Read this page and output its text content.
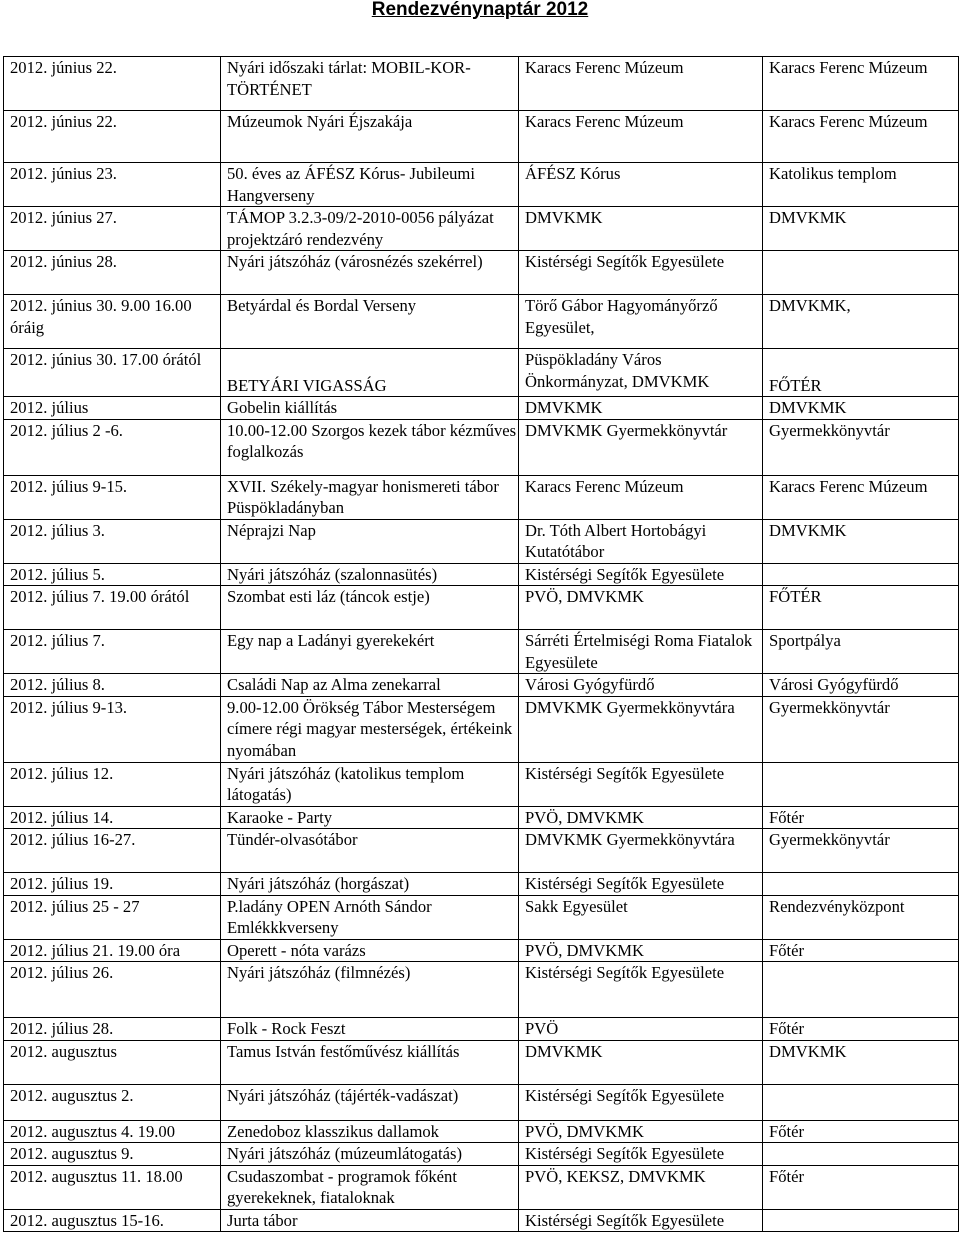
Rendezvénynaptár 2012
2012. június 22.	Nyári időszaki tárlat: MOBIL-KOR-TÖRTÉNET	Karacs Ferenc Múzeum	Karacs Ferenc Múzeum
2012. június 22.	Múzeumok Nyári Éjszakája	Karacs Ferenc Múzeum	Karacs Ferenc Múzeum
2012. június 23.	50. éves az ÁFÉSZ Kórus- Jubileumi Hangverseny	ÁFÉSZ Kórus	Katolikus templom
2012. június 27.	TÁMOP 3.2.3-09/2-2010-0056 pályázat projektzáró rendezvény	DMVKMK	DMVKMK
2012. június 28.	Nyári játszóház (városnézés szekérrel)	Kistérségi Segítők Egyesülete	
2012. június 30. 9.00 16.00 óráig	Betyárdal és Bordal Verseny	Törő Gábor Hagyományőrző Egyesület,	DMVKMK,
2012. június 30. 17.00 órától	BETYÁRI VIGASSÁG	Püspökladány Város Önkormányzat, DMVKMK	FŐTÉR
2012. július	Gobelin kiállítás	DMVKMK	DMVKMK
2012. július 2 -6.	10.00-12.00 Szorgos kezek tábor kézműves foglalkozás	DMVKMK Gyermekkönyvtár	Gyermekkönyvtár
2012. július 9-15.	XVII. Székely-magyar honismereti tábor Püspökladányban	Karacs Ferenc Múzeum	Karacs Ferenc Múzeum
2012. július 3.	Néprajzi Nap	Dr. Tóth Albert Hortobágyi Kutatótábor	DMVKMK
2012. július 5.	Nyári játszóház (szalonnasütés)	Kistérségi Segítők Egyesülete	
2012. július 7. 19.00 órától	Szombat esti láz (táncok estje)	PVÖ, DMVKMK	FŐTÉR
2012. július 7.	Egy nap a Ladányi gyerekekért	Sárréti Értelmiségi Roma Fiatalok Egyesülete	Sportpálya
2012. július 8.	Családi Nap az Alma zenekarral	Városi Gyógyfürdő	Városi Gyógyfürdő
2012. július 9-13.	9.00-12.00 Örökség Tábor Mesterségem címere régi magyar mesterségek, értékeink nyomában	DMVKMK Gyermekkönyvtára	Gyermekkönyvtár
2012. július 12.	Nyári játszóház (katolikus templom látogatás)	Kistérségi Segítők Egyesülete	
2012. július 14.	Karaoke - Party	PVÖ, DMVKMK	Főtér
2012. július 16-27.	Tündér-olvasótábor	DMVKMK Gyermekkönyvtára	Gyermekkönyvtár
2012. július 19.	Nyári játszóház (horgászat)	Kistérségi Segítők Egyesülete	
2012. július 25 - 27	P.ladány OPEN Arnóth Sándor Emlékkkverseny	Sakk Egyesület	Rendezvényközpont
2012. július 21. 19.00 óra	Operett - nóta varázs	PVÖ, DMVKMK	Főtér
2012. július 26.	Nyári játszóház (filmnézés)	Kistérségi Segítők Egyesülete	
2012. július 28.	Folk - Rock Feszt	PVÖ	Főtér
2012. augusztus	Tamus István festőművész kiállítás	DMVKMK	DMVKMK
2012. augusztus 2.	Nyári játszóház (tájérték-vadászat)	Kistérségi Segítők Egyesülete	
2012. augusztus 4. 19.00	Zenedoboz klasszikus dallamok	PVÖ, DMVKMK	Főtér
2012. augusztus 9.	Nyári játszóház (múzeumlátogatás)	Kistérségi Segítők Egyesülete	
2012. augusztus 11. 18.00	Csudaszombat - programok főként gyerekeknek, fiataloknak	PVÖ, KEKSZ, DMVKMK	Főtér
2012. augusztus 15-16.	Jurta tábor	Kistérségi Segítők Egyesülete	
